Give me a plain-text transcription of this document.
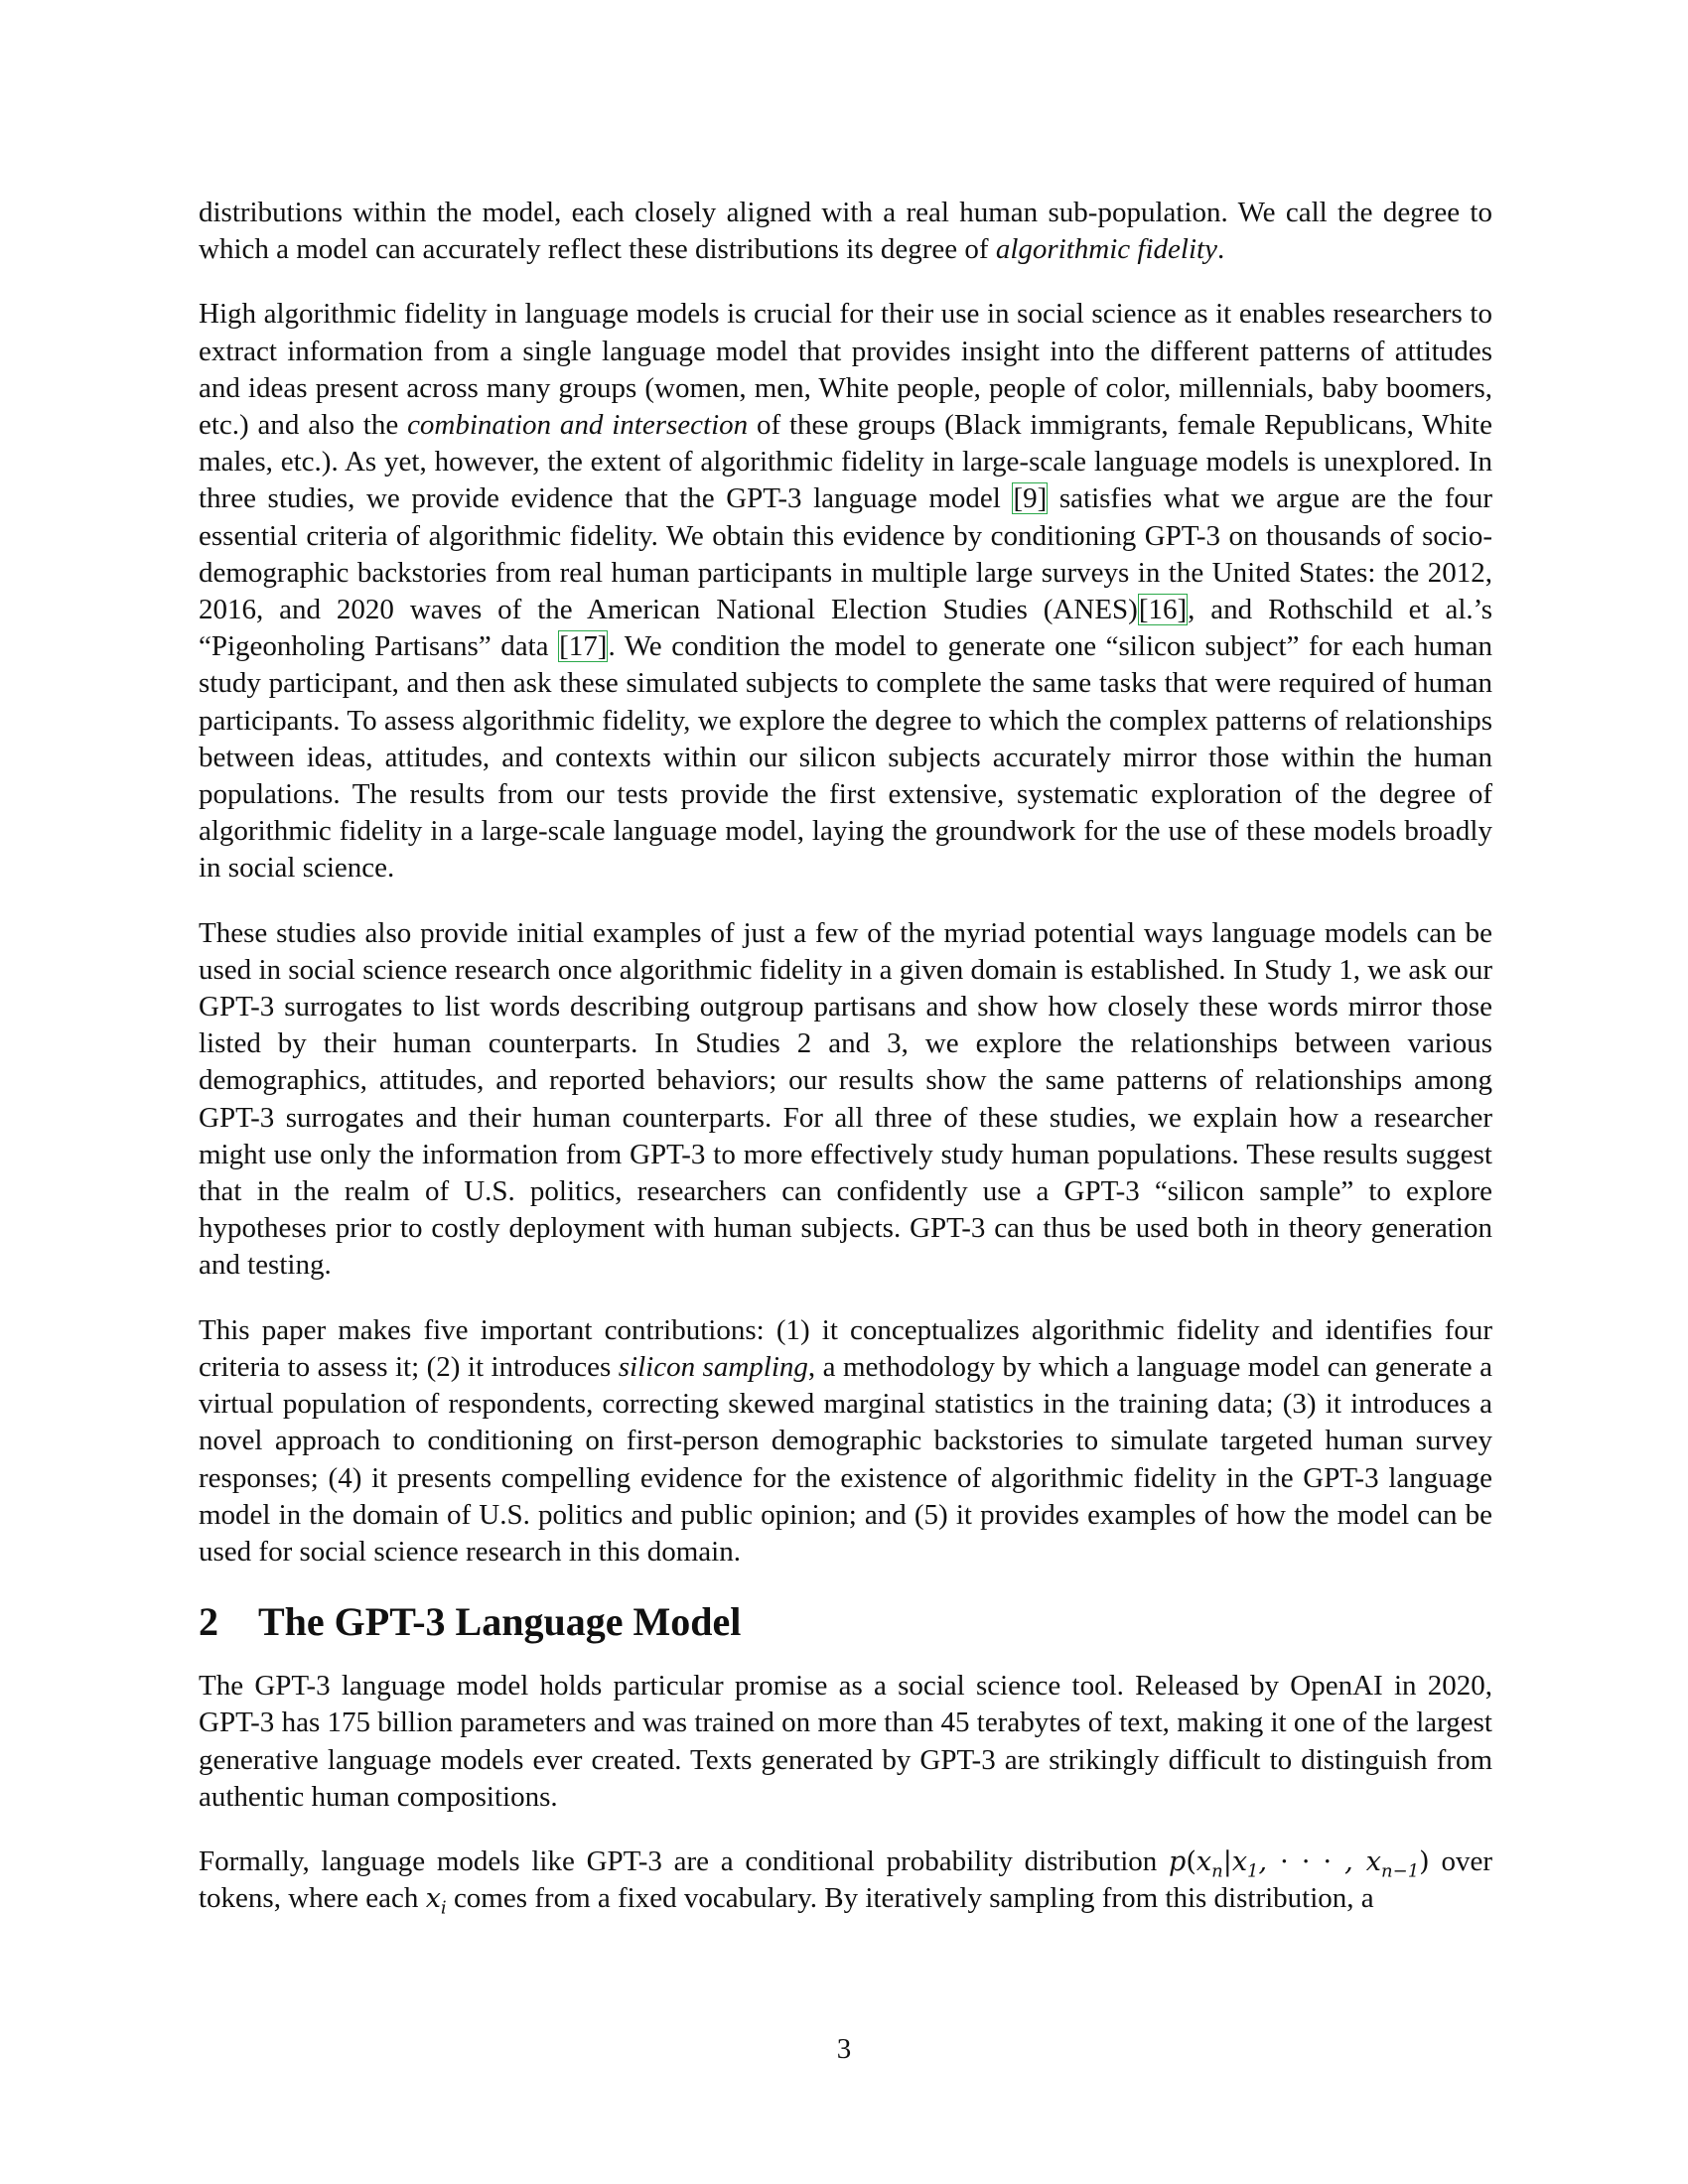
distributions within the model, each closely aligned with a real human sub-population. We call the degree to which a model can accurately reflect these distributions its degree of algorithmic fidelity.

High algorithmic fidelity in language models is crucial for their use in social science as it enables researchers to extract information from a single language model that provides insight into the different patterns of attitudes and ideas present across many groups (women, men, White people, people of color, millennials, baby boomers, etc.) and also the combination and intersection of these groups (Black immigrants, female Republicans, White males, etc.). As yet, however, the extent of algorithmic fidelity in large-scale language models is unexplored. In three studies, we provide evidence that the GPT-3 language model [9] satisfies what we argue are the four essential criteria of algorithmic fidelity. We obtain this evidence by conditioning GPT-3 on thousands of socio-demographic backstories from real human participants in multiple large surveys in the United States: the 2012, 2016, and 2020 waves of the American National Election Studies (ANES)[16], and Rothschild et al.’s “Pigeonholing Partisans” data [17]. We condition the model to generate one “silicon subject” for each human study participant, and then ask these simulated subjects to complete the same tasks that were required of human participants. To assess algorithmic fidelity, we explore the degree to which the complex patterns of relationships between ideas, attitudes, and contexts within our silicon subjects accurately mirror those within the human populations. The results from our tests provide the first extensive, systematic exploration of the degree of algorithmic fidelity in a large-scale language model, laying the groundwork for the use of these models broadly in social science.

These studies also provide initial examples of just a few of the myriad potential ways language models can be used in social science research once algorithmic fidelity in a given domain is established. In Study 1, we ask our GPT-3 surrogates to list words describing outgroup partisans and show how closely these words mirror those listed by their human counterparts. In Studies 2 and 3, we explore the relationships between various demographics, attitudes, and reported behaviors; our results show the same patterns of relationships among GPT-3 surrogates and their human counterparts. For all three of these studies, we explain how a researcher might use only the information from GPT-3 to more effectively study human populations. These results suggest that in the realm of U.S. politics, researchers can confidently use a GPT-3 “silicon sample” to explore hypotheses prior to costly deployment with human subjects. GPT-3 can thus be used both in theory generation and testing.

This paper makes five important contributions: (1) it conceptualizes algorithmic fidelity and identifies four criteria to assess it; (2) it introduces silicon sampling, a methodology by which a language model can generate a virtual population of respondents, correcting skewed marginal statistics in the training data; (3) it introduces a novel approach to conditioning on first-person demographic backstories to simulate targeted human survey responses; (4) it presents compelling evidence for the existence of algorithmic fidelity in the GPT-3 language model in the domain of U.S. politics and public opinion; and (5) it provides examples of how the model can be used for social science research in this domain.

2	The GPT-3 Language Model

The GPT-3 language model holds particular promise as a social science tool. Released by OpenAI in 2020, GPT-3 has 175 billion parameters and was trained on more than 45 terabytes of text, making it one of the largest generative language models ever created. Texts generated by GPT-3 are strikingly difficult to distinguish from authentic human compositions.

Formally, language models like GPT-3 are a conditional probability distribution $p(x_n|x_1$, · · · , $x_{n-1}$) over tokens, where each $x_i$ comes from a fixed vocabulary. By iteratively sampling from this distribution, a

3
